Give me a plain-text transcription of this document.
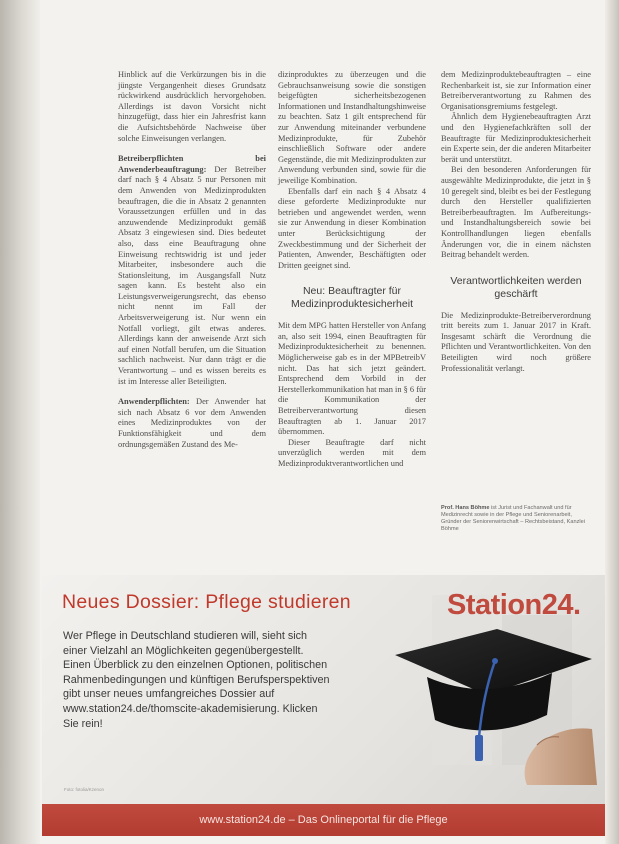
Hinblick auf die Verkürzungen bis in die jüngste Vergangenheit dieses Grundsatz rückwirkend ausdrücklich hervorgehoben. Allerdings ist davon Vorsicht nicht hinzugefügt, dass hier ein Jahresfrist kann die Aufsichtsbehörde Nachweise über solche Einweisungen verlangen.

Betreiberpflichten bei Anwenderbeauftragung: Der Betreiber darf nach § 4 Absatz 5 nur Personen mit dem Anwenden von Medizinprodukten beauftragen, die die in Absatz 2 genannten Voraussetzungen erfüllen und in das anzuwendende Medizinprodukt gemäß Absatz 3 eingewiesen sind. Dies bedeutet also, dass eine Beauftragung ohne Einweisung rechtswidrig ist und jeder Mitarbeiter, insbesondere auch die Stationsleitung, im Ausgangsfall Nutz sagen kann. Es besteht also ein Leistungsverweigerungsrecht, das ebenso nicht nennt im Fall der Arbeitsverweigerung ist. Nur wenn ein Notfall vorliegt, gilt etwas anderes. Allerdings kann der anweisende Arzt sich auf einen Notfall berufen, um die Situation sachlich nachweist. Nur dann trägt er die Verantwortung – und es wissen bereits es ist im Interesse aller Beteiligten.

Anwenderpflichten: Der Anwender hat sich nach Absatz 6 vor dem Anwenden eines Medizinproduktes von der Funktionsfähigkeit und dem ordnungsgemäßen Zustand des Me-

dizinproduktes zu überzeugen und die Gebrauchsanweisung sowie die sonstigen beigefügten sicherheitsbezogenen Informationen und Instandhaltungshinweise zu beachten. Satz 1 gilt entsprechend für zur Anwendung miteinander verbundene Medizinprodukte, für Zubehör einschließlich Software oder andere Gegenstände, die mit Medizinprodukten zur Anwendung verbunden sind, sowie für die jeweilige Kombination.

Ebenfalls darf ein nach § 4 Absatz 4 diese geforderte Medizinprodukte nur betrieben und angewendet werden, wenn sie zur Anwendung in dieser Kombination unter Berücksichtigung der Zweckbestimmung und der Sicherheit der Patienten, Anwender, Beschäftigten oder Dritten geeignet sind.

Neu: Beauftragter für Medizinproduktesicherheit

Mit dem MPG hatten Hersteller von Anfang an, also seit 1994, einen Beauftragten für Medizinproduktesicherheit zu benennen. Möglicherweise gab es in der MPBetreibV nicht. Das hat sich jetzt geändert. Entsprechend dem Vorbild in der Herstellerkommunikation hat man in § 6 für die Kommunikation der Betreiberverantwortung diesen Beauftragten ab 1. Januar 2017 übernommen.

Dieser Beauftragte darf nicht unverzüglich werden mit dem Medizinproduktverantwortlichen und

dem Medizinproduktebeauftragten – eine Rechenbarkeit ist, sie zur Information einer Betreiberverantwortung zu Rahmen des Organisationsgremiums festgelegt.

Ähnlich dem Hygienebeauftragten Arzt und den Hygienefachkräften soll der Beauftragte für Medizinproduktesicherheit ein Experte sein, der die anderen Mitarbeiter berät und unterstützt.

Bei den besonderen Anforderungen für ausgewählte Medizinprodukte, die jetzt in § 10 geregelt sind, bleibt es bei der Festlegung durch den Hersteller qualifizierten Betreiberbeauftragten. Im Aufbereitungs- und Instandhaltungsbereich sowie bei Kontrollhandlungen liegen ebenfalls Änderungen vor, die in einem nächsten Beitrag behandelt werden.

Verantwortlichkeiten werden geschärft

Die Medizinprodukte-Betreiberverordnung tritt bereits zum 1. Januar 2017 in Kraft. Insgesamt schärft die Verordnung die Pflichten und Verantwortlichkeiten. Von den Beteiligten wird noch größere Professionalität verlangt.

Prof. Hans Böhme ist Jurist und Fachanwalt und für Medizinrecht sowie in der Pflege und Seniorenarbeit, Gründer der Seniorenwirtschaft – Rechtsbeistand, Kanzlei Böhme
Neues Dossier: Pflege studieren
Wer Pflege in Deutschland studieren will, sieht sich einer Vielzahl an Möglichkeiten gegenübergestellt. Einen Überblick zu den einzelnen Optionen, politischen Rahmenbedingungen und künftigen Berufsperspektiven gibt unser neues umfangreiches Dossier auf www.station24.de/thomscite-akademisierung. Klicken Sie rein!
Station24.
Foto: fotolia/Kzenon
www.station24.de – Das Onlineportal für die Pflege
